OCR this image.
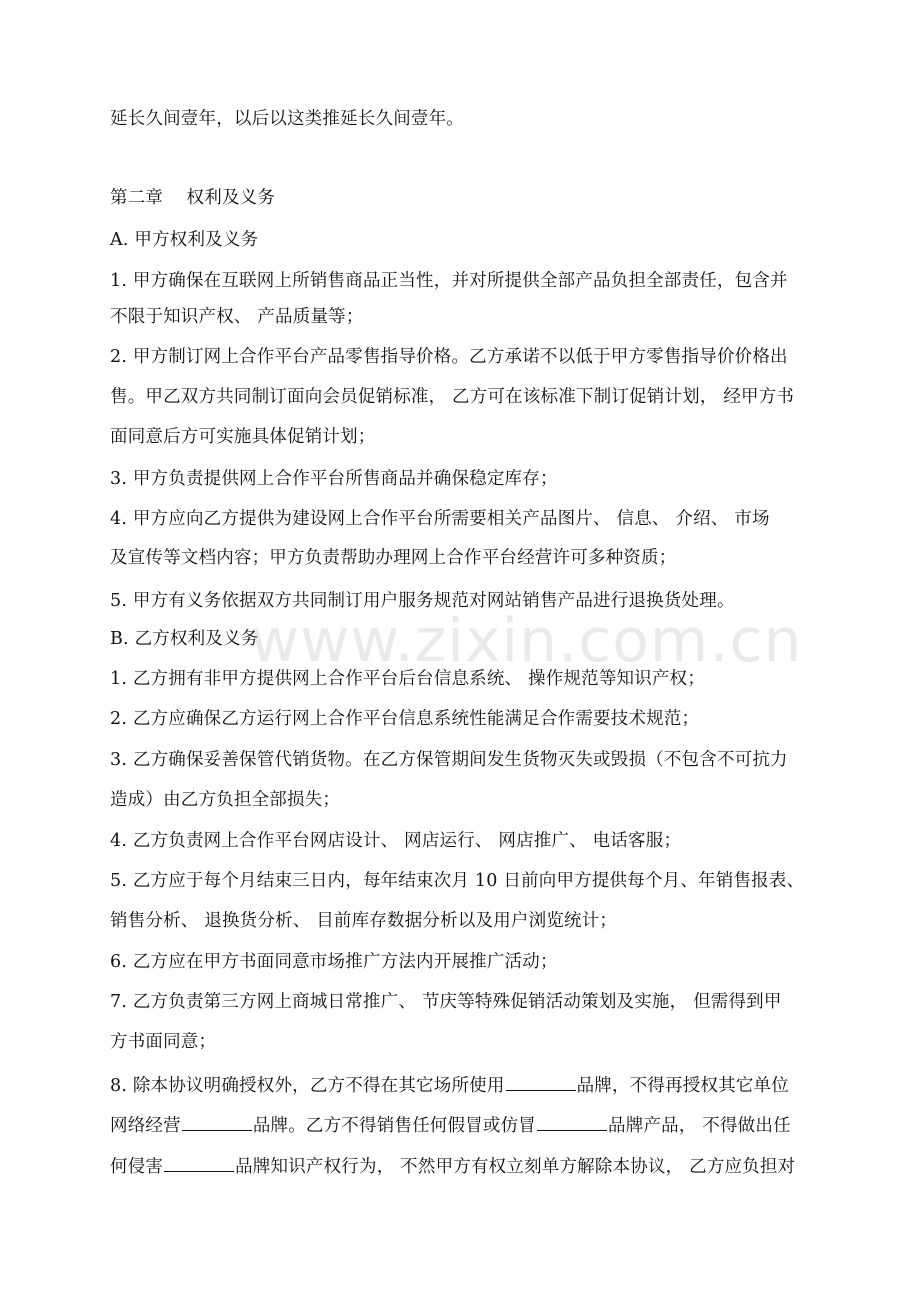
延长久间壹年，以后以这类推延长久间壹年。
第二章　 权利及义务
A. 甲方权利及义务
1. 甲方确保在互联网上所销售商品正当性，并对所提供全部产品负担全部责任，包含并
不限于知识产权、 产品质量等；
2. 甲方制订网上合作平台产品零售指导价格。乙方承诺不以低于甲方零售指导价价格出
售。甲乙双方共同制订面向会员促销标准， 乙方可在该标准下制订促销计划， 经甲方书
面同意后方可实施具体促销计划；
3. 甲方负责提供网上合作平台所售商品并确保稳定库存；
4. 甲方应向乙方提供为建设网上合作平台所需要相关产品图片、 信息、 介绍、 市场
及宣传等文档内容；甲方负责帮助办理网上合作平台经营许可多种资质；
5. 甲方有义务依据双方共同制订用户服务规范对网站销售产品进行退换货处理。
B. 乙方权利及义务
1. 乙方拥有非甲方提供网上合作平台后台信息系统、 操作规范等知识产权；
2. 乙方应确保乙方运行网上合作平台信息系统性能满足合作需要技术规范；
3. 乙方确保妥善保管代销货物。在乙方保管期间发生货物灭失或毁损（不包含不可抗力
造成）由乙方负担全部损失；
4. 乙方负责网上合作平台网店设计、 网店运行、 网店推广、 电话客服；
5. 乙方应于每个月结束三日内，每年结束次月 10 日前向甲方提供每个月、年销售报表、
销售分析、 退换货分析、 目前库存数据分析以及用户浏览统计；
6. 乙方应在甲方书面同意市场推广方法内开展推广活动；
7. 乙方负责第三方网上商城日常推广、 节庆等特殊促销活动策划及实施， 但需得到甲
方书面同意；
8. 除本协议明确授权外，乙方不得在其它场所使用	品牌，不得再授权其它单位
网络经营	品牌。乙方不得销售任何假冒或仿冒	品牌产品， 不得做出任
何侵害	品牌知识产权行为， 不然甲方有权立刻单方解除本协议， 乙方应负担对
www.zixin.com.cn
